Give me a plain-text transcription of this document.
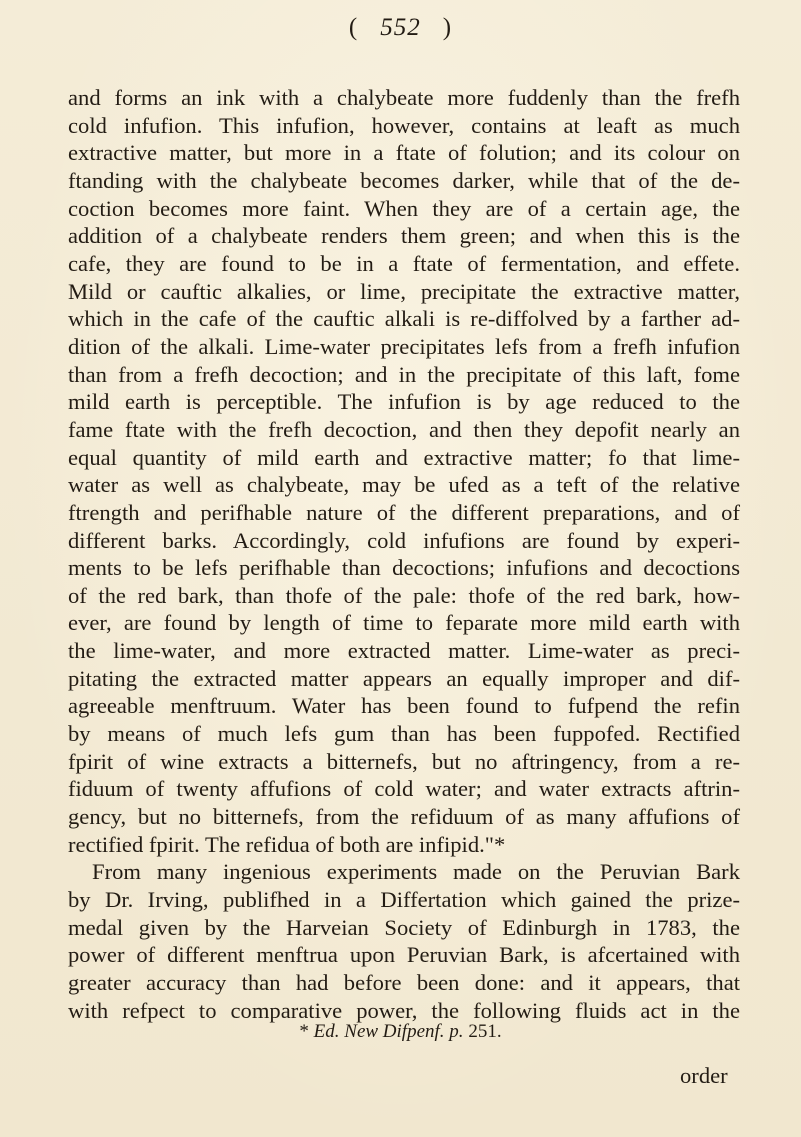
( 552 )
and forms an ink with a chalybeate more fuddenly than the frefh
cold infufion. This infufion, however, contains at leaft as much
extractive matter, but more in a ftate of folution; and its colour on
ftanding with the chalybeate becomes darker, while that of the de-
coction becomes more faint. When they are of a certain age, the
addition of a chalybeate renders them green; and when this is the
cafe, they are found to be in a ftate of fermentation, and effete.
Mild or cauftic alkalies, or lime, precipitate the extractive matter,
which in the cafe of the cauftic alkali is re-diffolved by a farther ad-
dition of the alkali. Lime-water precipitates lefs from a frefh infufion
than from a frefh decoction; and in the precipitate of this laft, fome
mild earth is perceptible. The infufion is by age reduced to the
fame ftate with the frefh decoction, and then they depofit nearly an
equal quantity of mild earth and extractive matter; fo that lime-
water as well as chalybeate, may be ufed as a teft of the relative
ftrength and perifhable nature of the different preparations, and of
different barks. Accordingly, cold infufions are found by experi-
ments to be lefs perifhable than decoctions; infufions and decoctions
of the red bark, than thofe of the pale: thofe of the red bark, how-
ever, are found by length of time to feparate more mild earth with
the lime-water, and more extracted matter. Lime-water as preci-
pitating the extracted matter appears an equally improper and dif-
agreeable menftruum. Water has been found to fufpend the refin
by means of much lefs gum than has been fuppofed. Rectified
fpirit of wine extracts a bitternefs, but no aftringency, from a re-
fiduum of twenty affufions of cold water; and water extracts aftrin-
gency, but no bitternefs, from the refiduum of as many affufions of
rectified fpirit. The refidua of both are infipid."*
From many ingenious experiments made on the Peruvian Bark
by Dr. Irving, publifhed in a Differtation which gained the prize-
medal given by the Harveian Society of Edinburgh in 1783, the
power of different menftrua upon Peruvian Bark, is afcertained with
greater accuracy than had before been done: and it appears, that
with refpect to comparative power, the following fluids act in the
* Ed. New Difpenf. p. 251.
order
